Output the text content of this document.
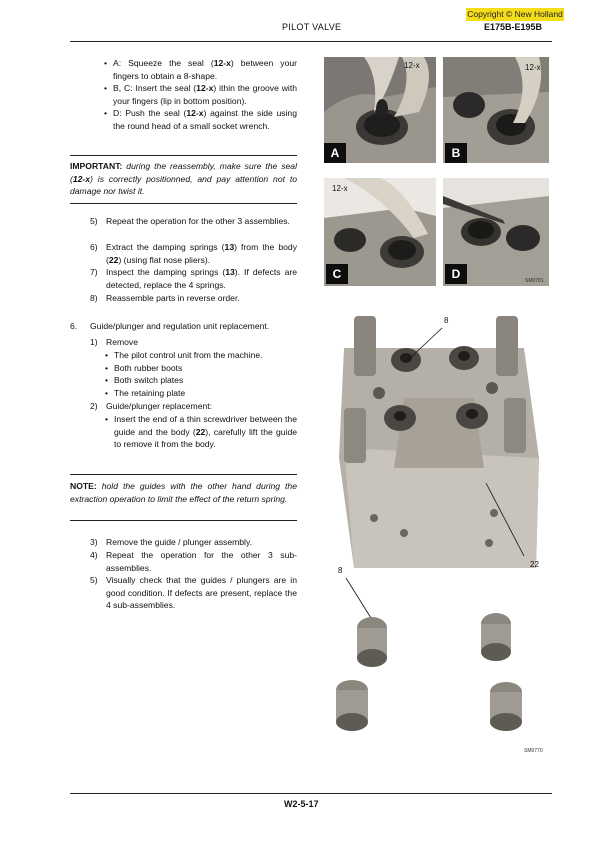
Copyright © New Holland
PILOT VALVE	E175B-E195B
• A: Squeeze the seal (12-x) between your fingers to obtain a 8-shape.
• B, C: Insert the seal (12-x) ithin the groove with your fingers (lip in bottom position).
• D: Push the seal (12-x) against the side using the round head of a small socket wrench.
IMPORTANT: during the reassembly, make sure the seal (12-x) is correctly positionned, and pay attention not to damage nor twist it.
5) Repeat the operation for the other 3 assemblies.
6) Extract the damping springs (13) from the body (22) (using flat nose pliers).
7) Inspect the damping springs (13). If defects are detected, replace the 4 springs.
8) Reassemble parts in reverse order.
6. Guide/plunger and regulation unit replacement.
1) Remove
• The pilot control unit from the machine.
• Both rubber boots
• Both switch plates
• The retaining plate
2) Guide/plunger replacement:
• Insert the end of a thin screwdriver between the guide and the body (22), carefully lift the guide to remove it from the body.
NOTE: hold the guides with the other hand during the extraction operation to limit the effect of the return spring.
3) Remove the guide / plunger assembly.
4) Repeat the operation for the other 3 sub-assemblies.
5) Visually check that the guides / plungers are in good condition. If defects are present, replace the 4 sub-assemblies.
A
12-x
B
12-x
C
12-x
D	SM0781
8
22
8
SM0770
W2-5-17
